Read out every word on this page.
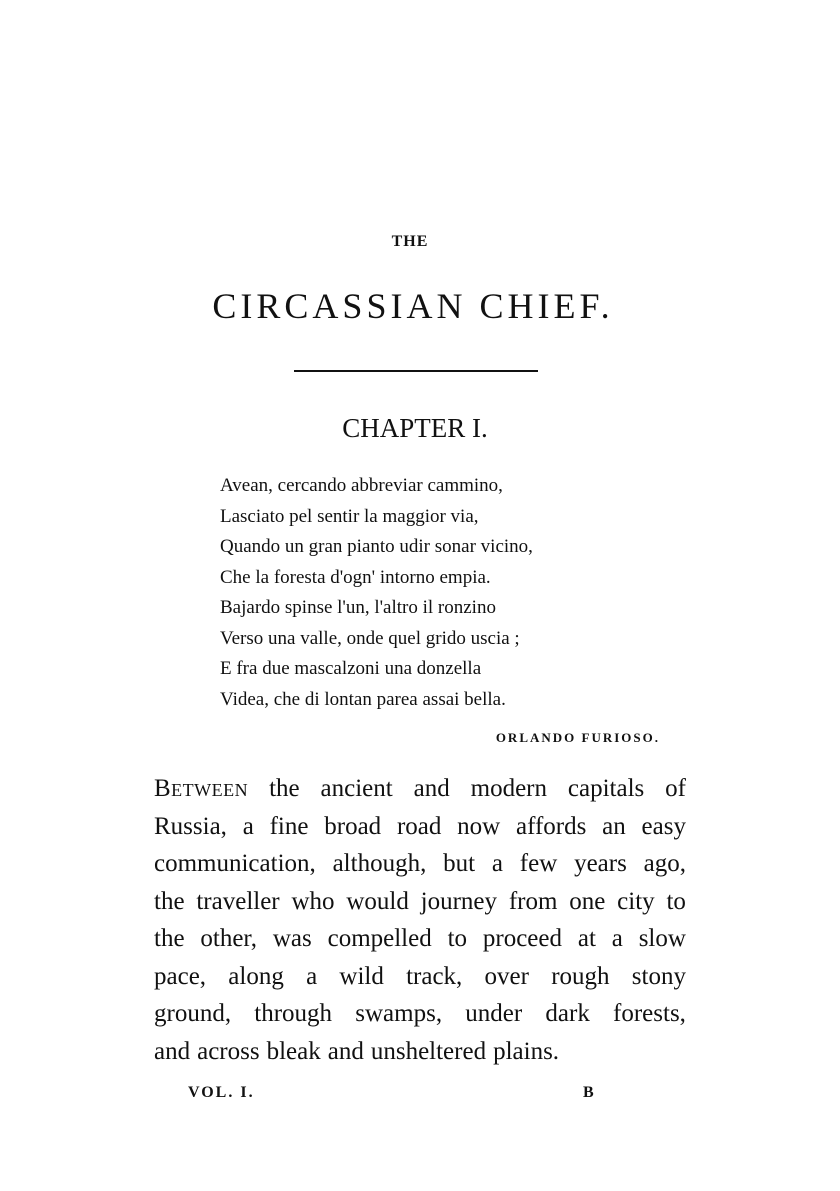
THE
CIRCASSIAN CHIEF.
CHAPTER I.
Avean, cercando abbreviar cammino,
Lasciato pel sentir la maggior via,
Quando un gran pianto udir sonar vicino,
Che la foresta d'ogn' intorno empia.
Bajardo spinse l'un, l'altro il ronzino
Verso una valle, onde quel grido uscia ;
E fra due mascalzoni una donzella
Videa, che di lontan parea assai bella.
ORLANDO FURIOSO.
Between the ancient and modern capitals of
Russia, a fine broad road now affords an easy
communication, although, but a few years ago,
the traveller who would journey from one city to
the other, was compelled to proceed at a slow
pace, along a wild track, over rough stony
ground, through swamps, under dark forests,
and across bleak and unsheltered plains.
VOL. I.	B
